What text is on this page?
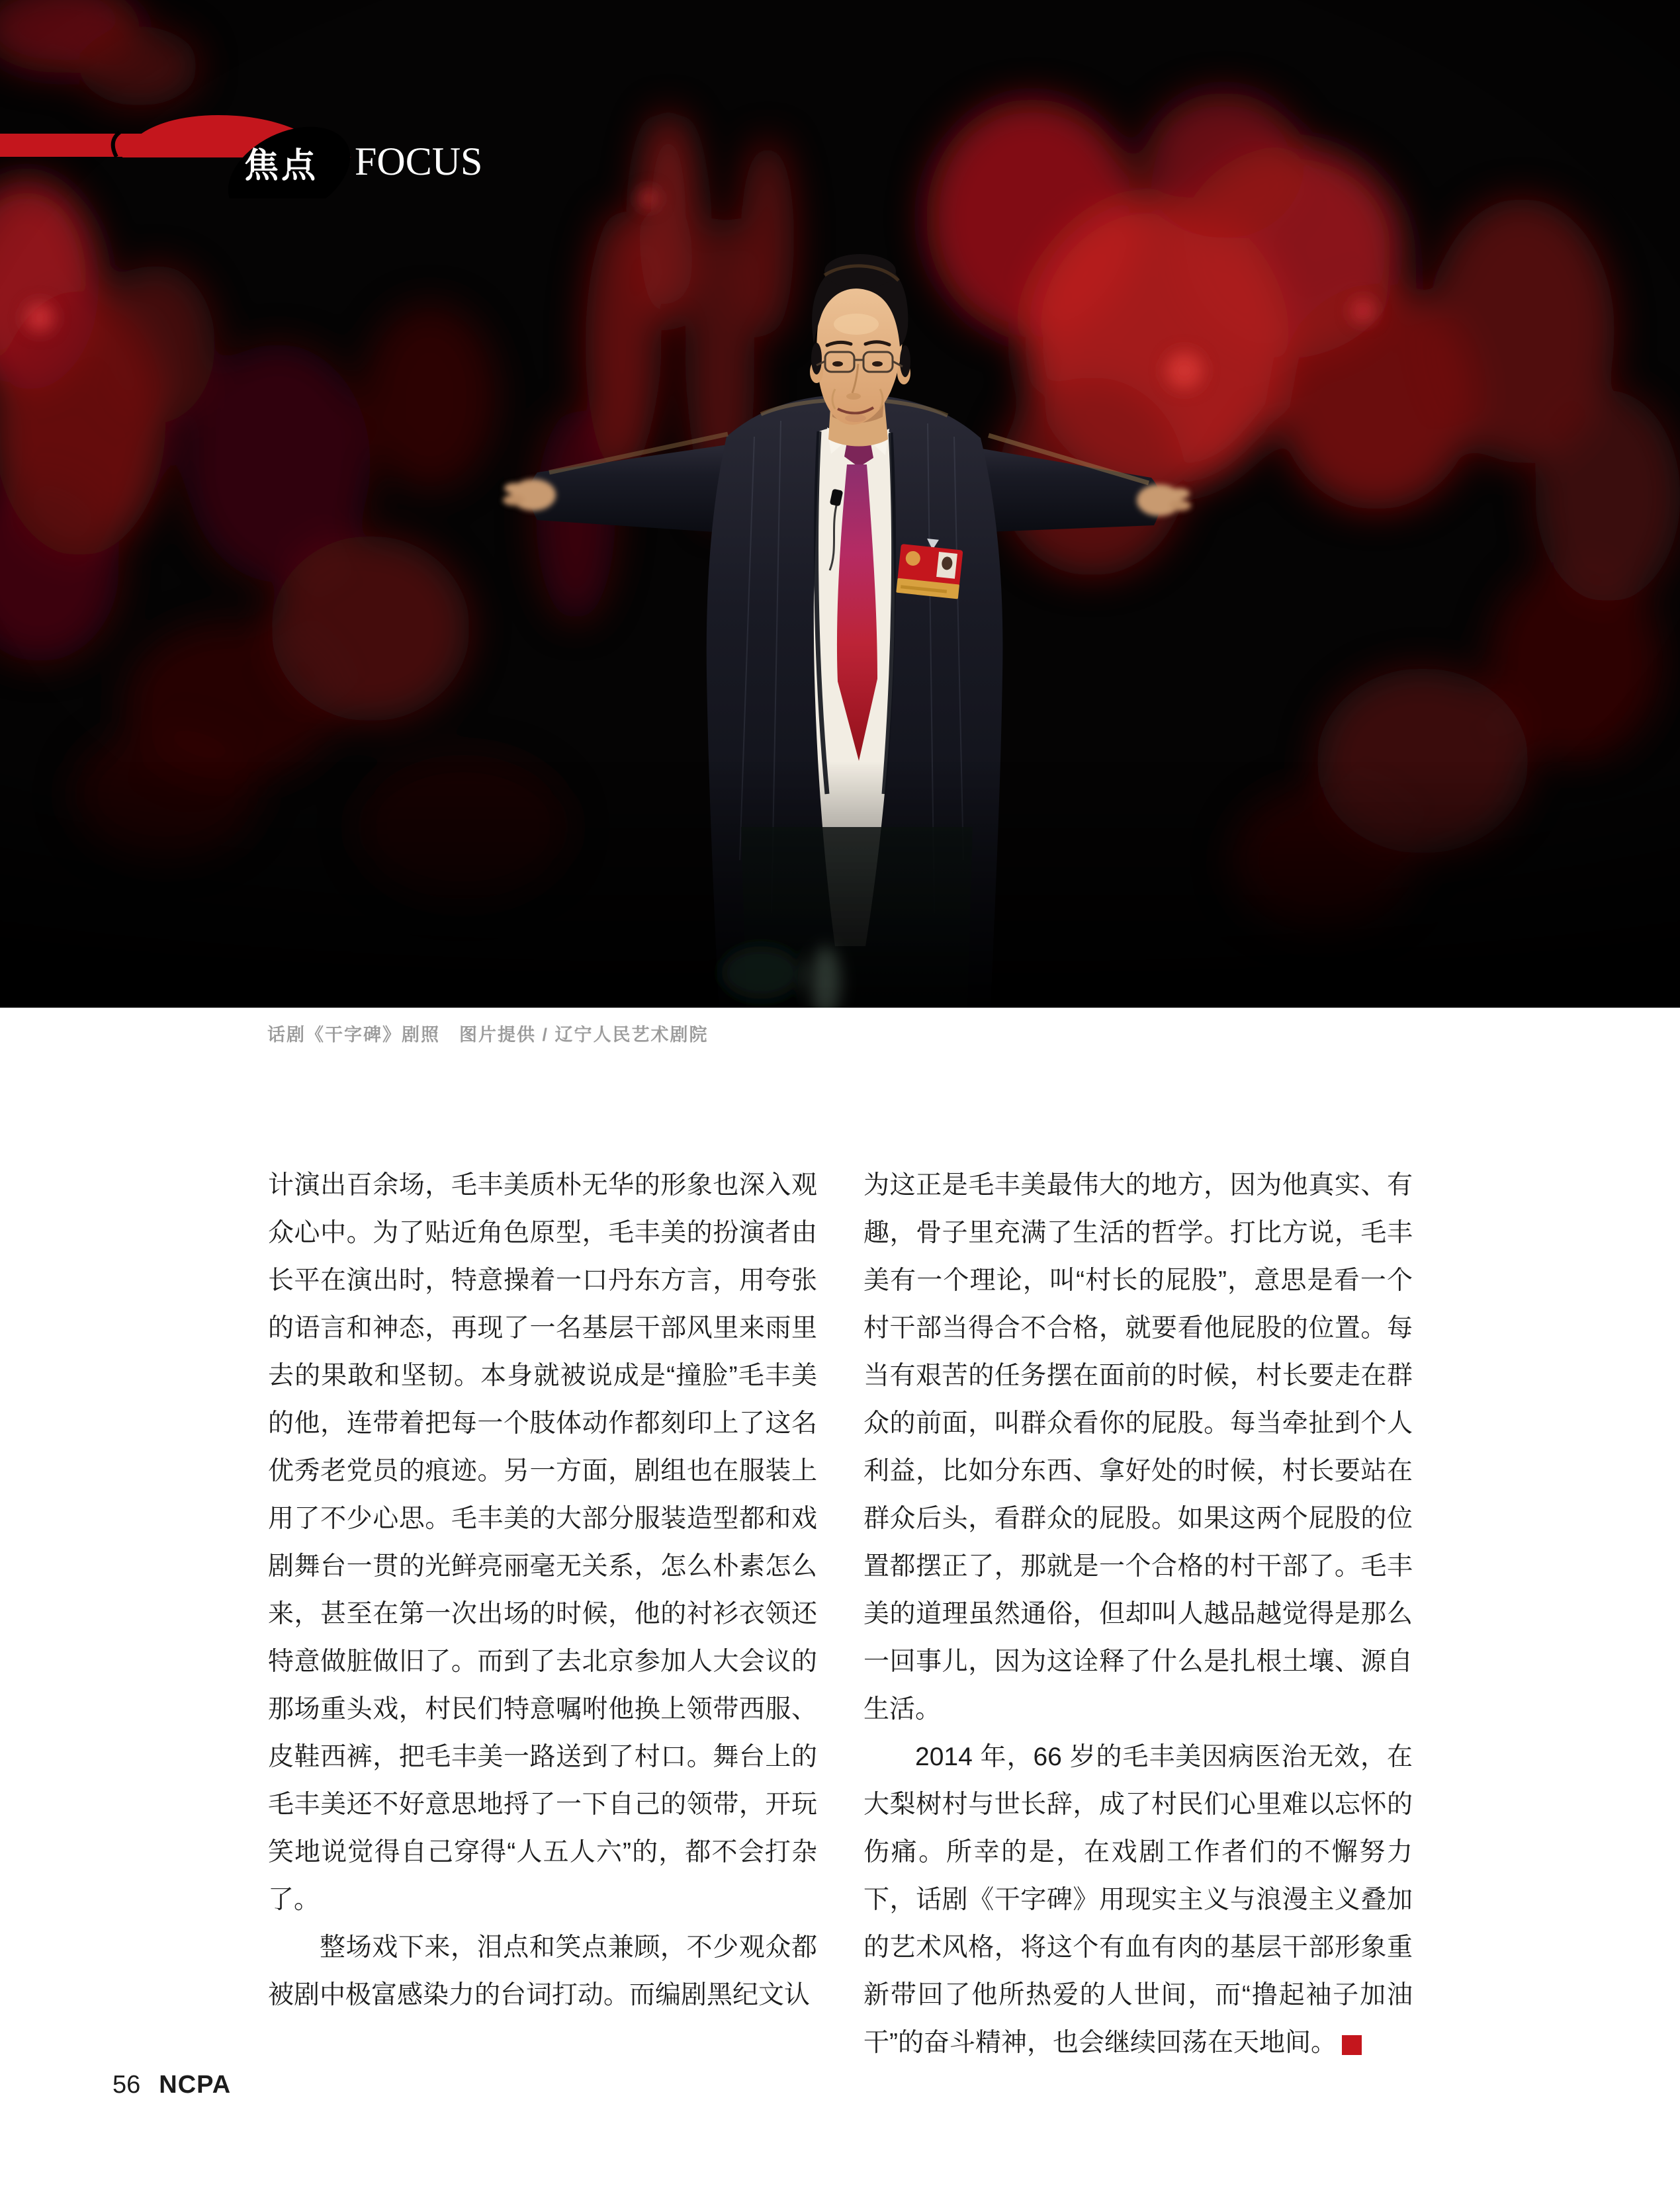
焦点 FOCUS
话剧《干字碑》剧照　图片提供 / 辽宁人民艺术剧院

计演出百余场，毛丰美质朴无华的形象也深入观众心中。为了贴近角色原型，毛丰美的扮演者由长平在演出时，特意操着一口丹东方言，用夸张的语言和神态，再现了一名基层干部风里来雨里去的果敢和坚韧。本身就被说成是“撞脸”毛丰美的他，连带着把每一个肢体动作都刻印上了这名优秀老党员的痕迹。另一方面，剧组也在服装上用了不少心思。毛丰美的大部分服装造型都和戏剧舞台一贯的光鲜亮丽毫无关系，怎么朴素怎么来，甚至在第一次出场的时候，他的衬衫衣领还特意做脏做旧了。而到了去北京参加人大会议的那场重头戏，村民们特意嘱咐他换上领带西服、皮鞋西裤，把毛丰美一路送到了村口。舞台上的毛丰美还不好意思地捋了一下自己的领带，开玩笑地说觉得自己穿得“人五人六”的，都不会打杂了。

整场戏下来，泪点和笑点兼顾，不少观众都被剧中极富感染力的台词打动。而编剧黑纪文认

为这正是毛丰美最伟大的地方，因为他真实、有趣，骨子里充满了生活的哲学。打比方说，毛丰美有一个理论，叫“村长的屁股”，意思是看一个村干部当得合不合格，就要看他屁股的位置。每当有艰苦的任务摆在面前的时候，村长要走在群众的前面，叫群众看你的屁股。每当牵扯到个人利益，比如分东西、拿好处的时候，村长要站在群众后头，看群众的屁股。如果这两个屁股的位置都摆正了，那就是一个合格的村干部了。毛丰美的道理虽然通俗，但却叫人越品越觉得是那么一回事儿，因为这诠释了什么是扎根土壤、源自生活。

2014 年，66 岁的毛丰美因病医治无效，在大梨树村与世长辞，成了村民们心里难以忘怀的伤痛。所幸的是，在戏剧工作者们的不懈努力下，话剧《干字碑》用现实主义与浪漫主义叠加的艺术风格，将这个有血有肉的基层干部形象重新带回了他所热爱的人世间，而“撸起袖子加油干”的奋斗精神，也会继续回荡在天地间。 $\frac{NC}{PA}$

56 NCPA
